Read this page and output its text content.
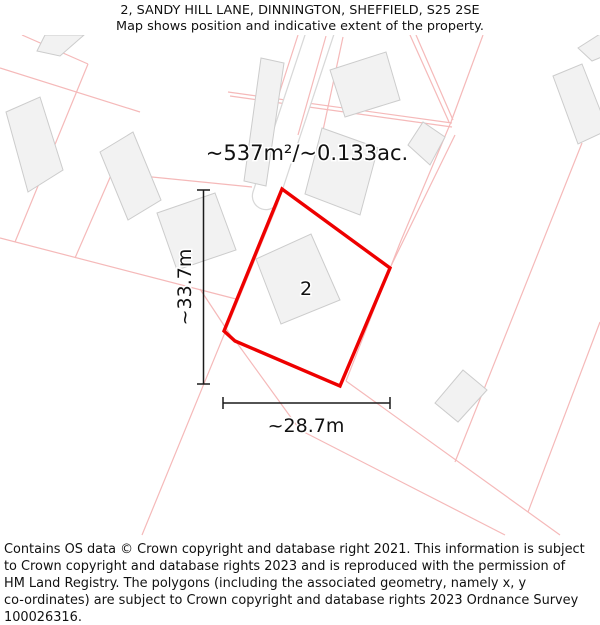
2, SANDY HILL LANE, DINNINGTON, SHEFFIELD, S25 2SE
Map shows position and indicative extent of the property.
~33.7m
~28.7m
~537m²/~0.133ac.
2
Contains OS data © Crown copyright and database right 2021. This information is subject
to Crown copyright and database rights 2023 and is reproduced with the permission of
HM Land Registry. The polygons (including the associated geometry, namely x, y
co-ordinates) are subject to Crown copyright and database rights 2023 Ordnance Survey
100026316.
